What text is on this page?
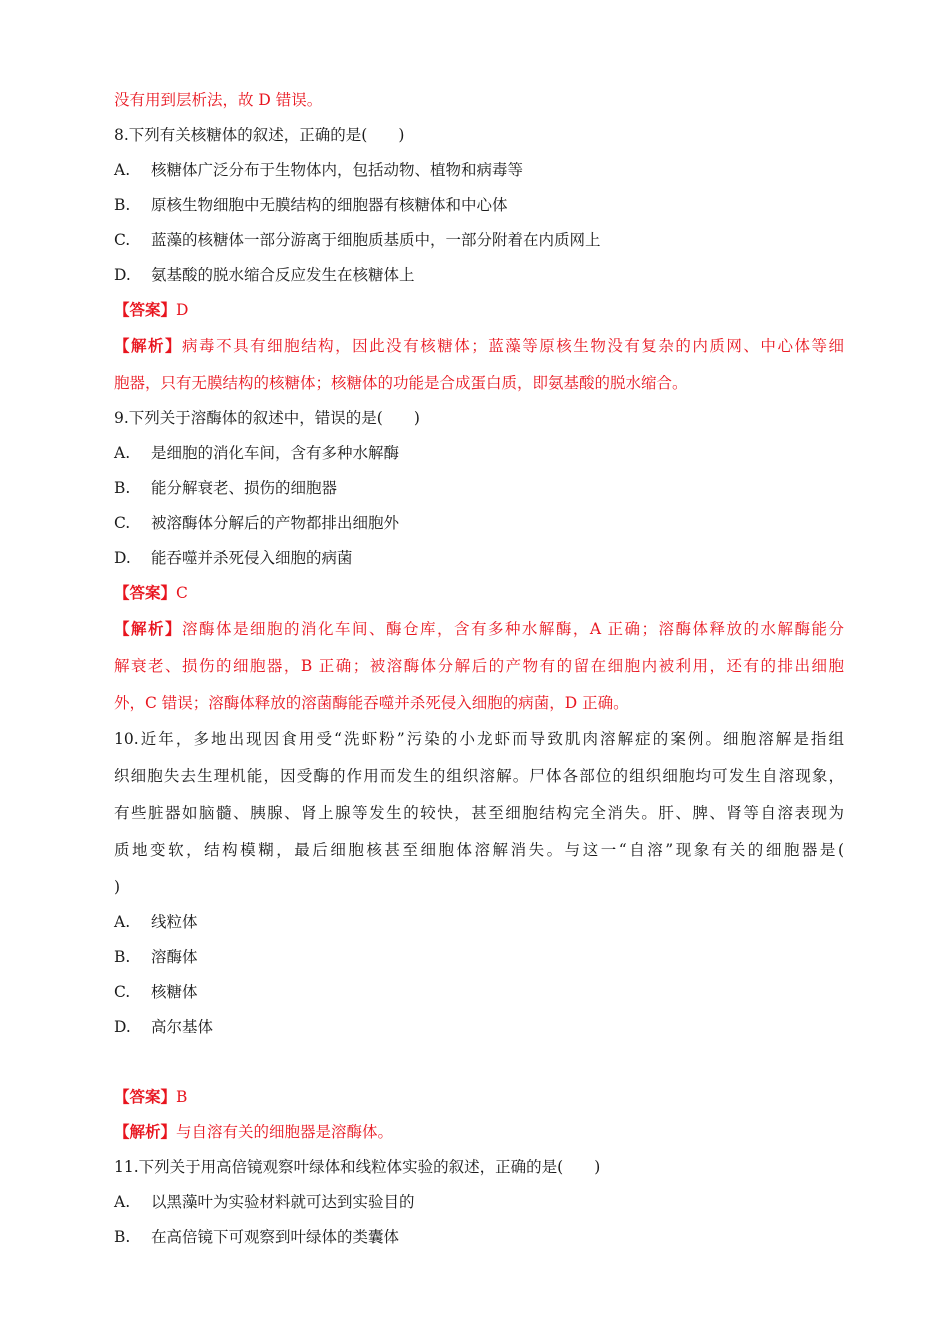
没有用到层析法，故 D 错误。
8.下列有关核糖体的叙述，正确的是(　　)
A. 核糖体广泛分布于生物体内，包括动物、植物和病毒等
B. 原核生物细胞中无膜结构的细胞器有核糖体和中心体
C. 蓝藻的核糖体一部分游离于细胞质基质中，一部分附着在内质网上
D. 氨基酸的脱水缩合反应发生在核糖体上
【答案】D
【解析】病毒不具有细胞结构，因此没有核糖体；蓝藻等原核生物没有复杂的内质网、中心体等细
胞器，只有无膜结构的核糖体；核糖体的功能是合成蛋白质，即氨基酸的脱水缩合。
9.下列关于溶酶体的叙述中，错误的是(　　)
A. 是细胞的消化车间，含有多种水解酶
B. 能分解衰老、损伤的细胞器
C. 被溶酶体分解后的产物都排出细胞外
D. 能吞噬并杀死侵入细胞的病菌
【答案】C
【解析】溶酶体是细胞的消化车间、酶仓库，含有多种水解酶，A 正确；溶酶体释放的水解酶能分
解衰老、损伤的细胞器，B 正确；被溶酶体分解后的产物有的留在细胞内被利用，还有的排出细胞
外，C 错误；溶酶体释放的溶菌酶能吞噬并杀死侵入细胞的病菌，D 正确。
10.近年，多地出现因食用受“洗虾粉”污染的小龙虾而导致肌肉溶解症的案例。细胞溶解是指组
织细胞失去生理机能，因受酶的作用而发生的组织溶解。尸体各部位的组织细胞均可发生自溶现象，
有些脏器如脑髓、胰腺、肾上腺等发生的较快，甚至细胞结构完全消失。肝、脾、肾等自溶表现为
质地变软，结构模糊，最后细胞核甚至细胞体溶解消失。与这一“自溶”现象有关的细胞器是(
)
A. 线粒体
B. 溶酶体
C. 核糖体
D. 高尔基体
【答案】B
【解析】与自溶有关的细胞器是溶酶体。
11.下列关于用高倍镜观察叶绿体和线粒体实验的叙述，正确的是(　　)
A. 以黑藻叶为实验材料就可达到实验目的
B. 在高倍镜下可观察到叶绿体的类囊体
